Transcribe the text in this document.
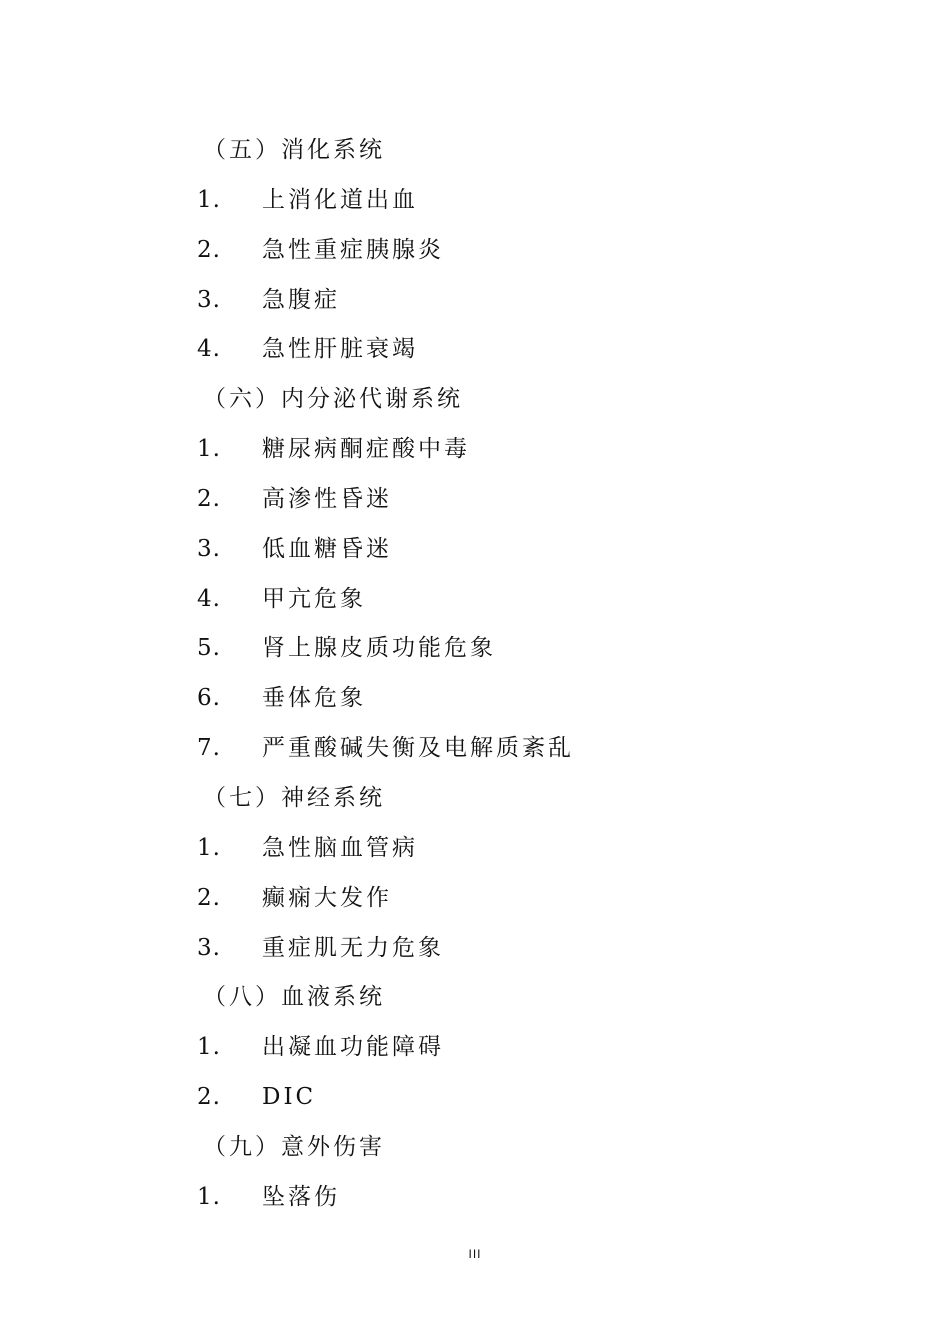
（五）消化系统
1. 上消化道出血
2. 急性重症胰腺炎
3. 急腹症
4. 急性肝脏衰竭
（六）内分泌代谢系统
1. 糖尿病酮症酸中毒
2. 高渗性昏迷
3. 低血糖昏迷
4. 甲亢危象
5. 肾上腺皮质功能危象
6. 垂体危象
7. 严重酸碱失衡及电解质紊乱
（七）神经系统
1. 急性脑血管病
2. 癫痫大发作
3. 重症肌无力危象
（八）血液系统
1. 出凝血功能障碍
2. DIC
（九）意外伤害
1. 坠落伤
III
